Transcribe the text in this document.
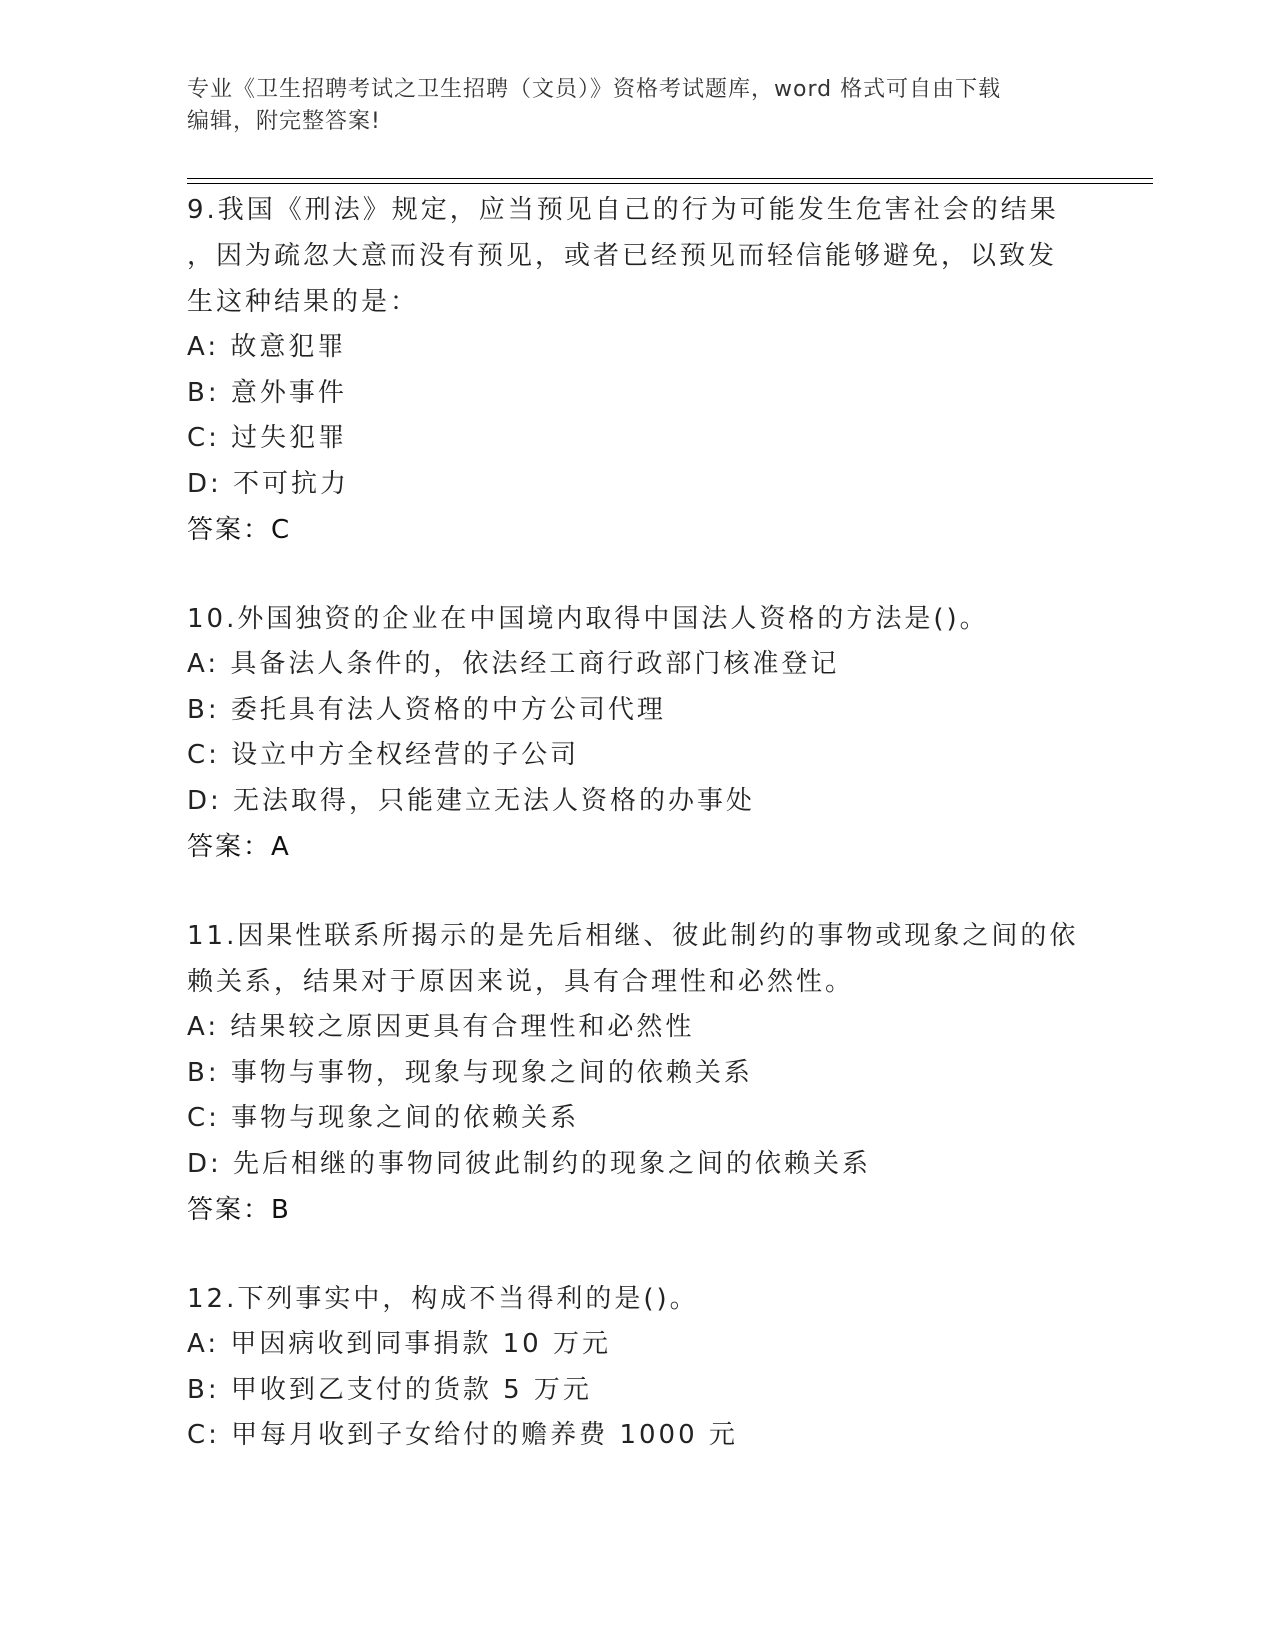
专业《卫生招聘考试之卫生招聘（文员）》资格考试题库，word 格式可自由下载
编辑，附完整答案!

9.我国《刑法》规定，应当预见自己的行为可能发生危害社会的结果

，因为疏忽大意而没有预见，或者已经预见而轻信能够避免，以致发

生这种结果的是：

A: 故意犯罪

B: 意外事件

C: 过失犯罪

D: 不可抗力

答案：C

10.外国独资的企业在中国境内取得中国法人资格的方法是()。

A: 具备法人条件的，依法经工商行政部门核准登记

B: 委托具有法人资格的中方公司代理

C: 设立中方全权经营的子公司

D: 无法取得，只能建立无法人资格的办事处

答案：A

11.因果性联系所揭示的是先后相继、彼此制约的事物或现象之间的依

赖关系，结果对于原因来说，具有合理性和必然性。

A: 结果较之原因更具有合理性和必然性

B: 事物与事物，现象与现象之间的依赖关系

C: 事物与现象之间的依赖关系

D: 先后相继的事物同彼此制约的现象之间的依赖关系

答案：B

12.下列事实中，构成不当得利的是()。

A: 甲因病收到同事捐款 10 万元

B: 甲收到乙支付的货款 5 万元

C: 甲每月收到子女给付的赡养费 1000 元
